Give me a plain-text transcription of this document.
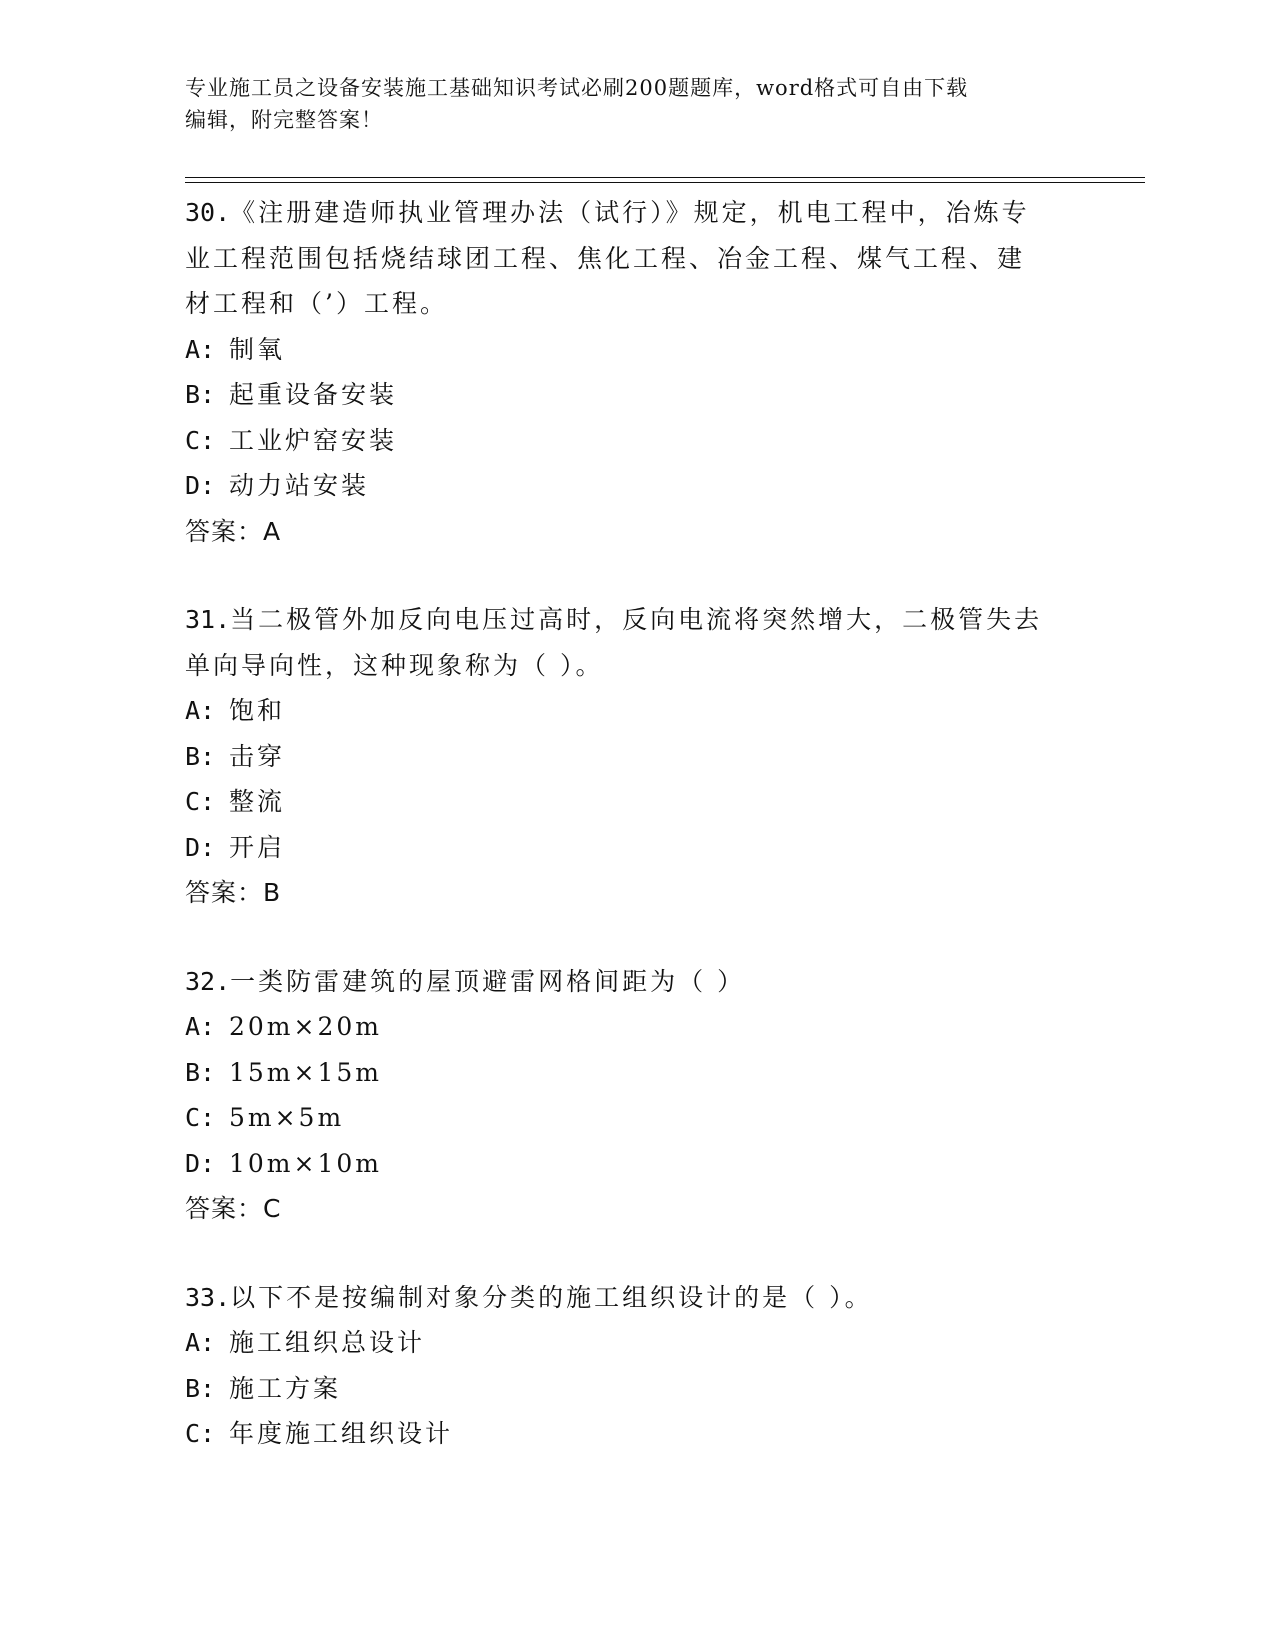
专业施工员之设备安装施工基础知识考试必刷200题题库，word格式可自由下载
编辑，附完整答案！
30.《注册建造师执业管理办法（试行）》规定，机电工程中，冶炼专
业工程范围包括烧结球团工程、焦化工程、冶金工程、煤气工程、建
材工程和（’）工程。
A: 制氧
B: 起重设备安装
C: 工业炉窑安装
D: 动力站安装
答案：A
31.当二极管外加反向电压过高时，反向电流将突然增大，二极管失去
单向导向性，这种现象称为（ ）。
A: 饱和
B: 击穿
C: 整流
D: 开启
答案：B
32.一类防雷建筑的屋顶避雷网格间距为（ ）
A: 20m×20m
B: 15m×15m
C: 5m×5m
D: 10m×10m
答案：C
33.以下不是按编制对象分类的施工组织设计的是（ ）。
A: 施工组织总设计
B: 施工方案
C: 年度施工组织设计
